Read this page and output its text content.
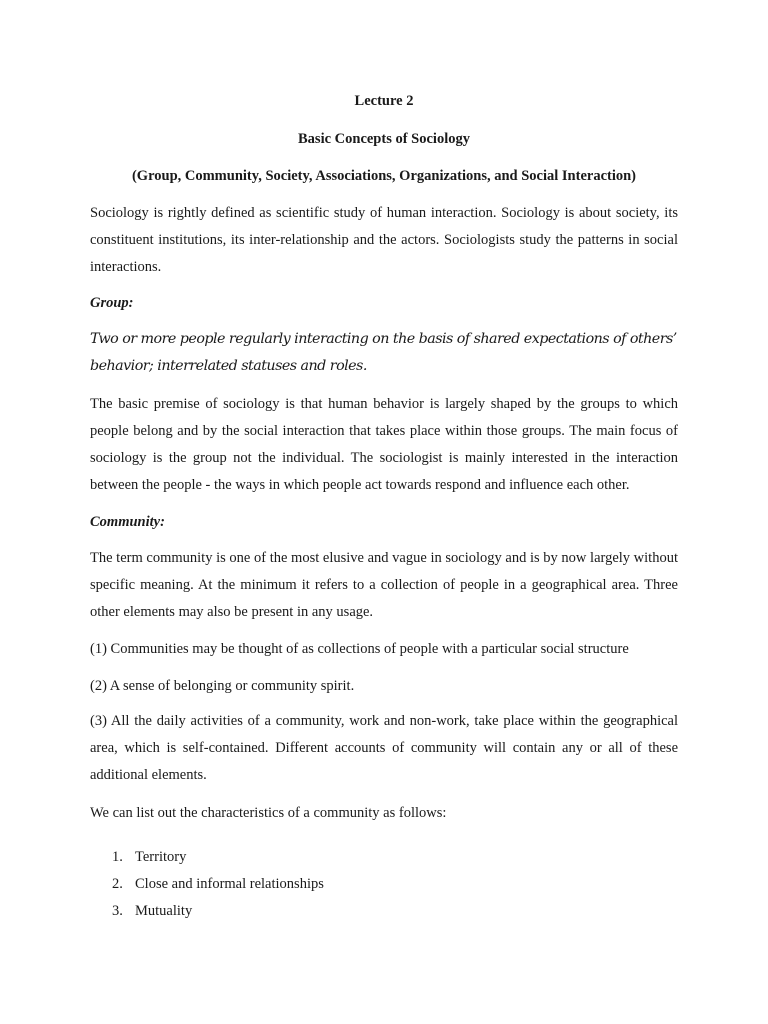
Lecture 2
Basic Concepts of Sociology
(Group, Community, Society, Associations, Organizations, and Social Interaction)

Sociology is rightly defined as scientific study of human interaction. Sociology is about society, its constituent institutions, its inter-relationship and the actors. Sociologists study the patterns in social interactions.

Group:

Two or more people regularly interacting on the basis of shared expectations of others’ behavior; interrelated statuses and roles.

The basic premise of sociology is that human behavior is largely shaped by the groups to which people belong and by the social interaction that takes place within those groups. The main focus of sociology is the group not the individual. The sociologist is mainly interested in the interaction between the people - the ways in which people act towards respond and influence each other.

Community:

The term community is one of the most elusive and vague in sociology and is by now largely without specific meaning. At the minimum it refers to a collection of people in a geographical area. Three other elements may also be present in any usage.

(1) Communities may be thought of as collections of people with a particular social structure

(2) A sense of belonging or community spirit.

(3) All the daily activities of a community, work and non-work, take place within the geographical area, which is self-contained. Different accounts of community will contain any or all of these additional elements.

We can list out the characteristics of a community as follows:

1. Territory
2. Close and informal relationships
3. Mutuality
